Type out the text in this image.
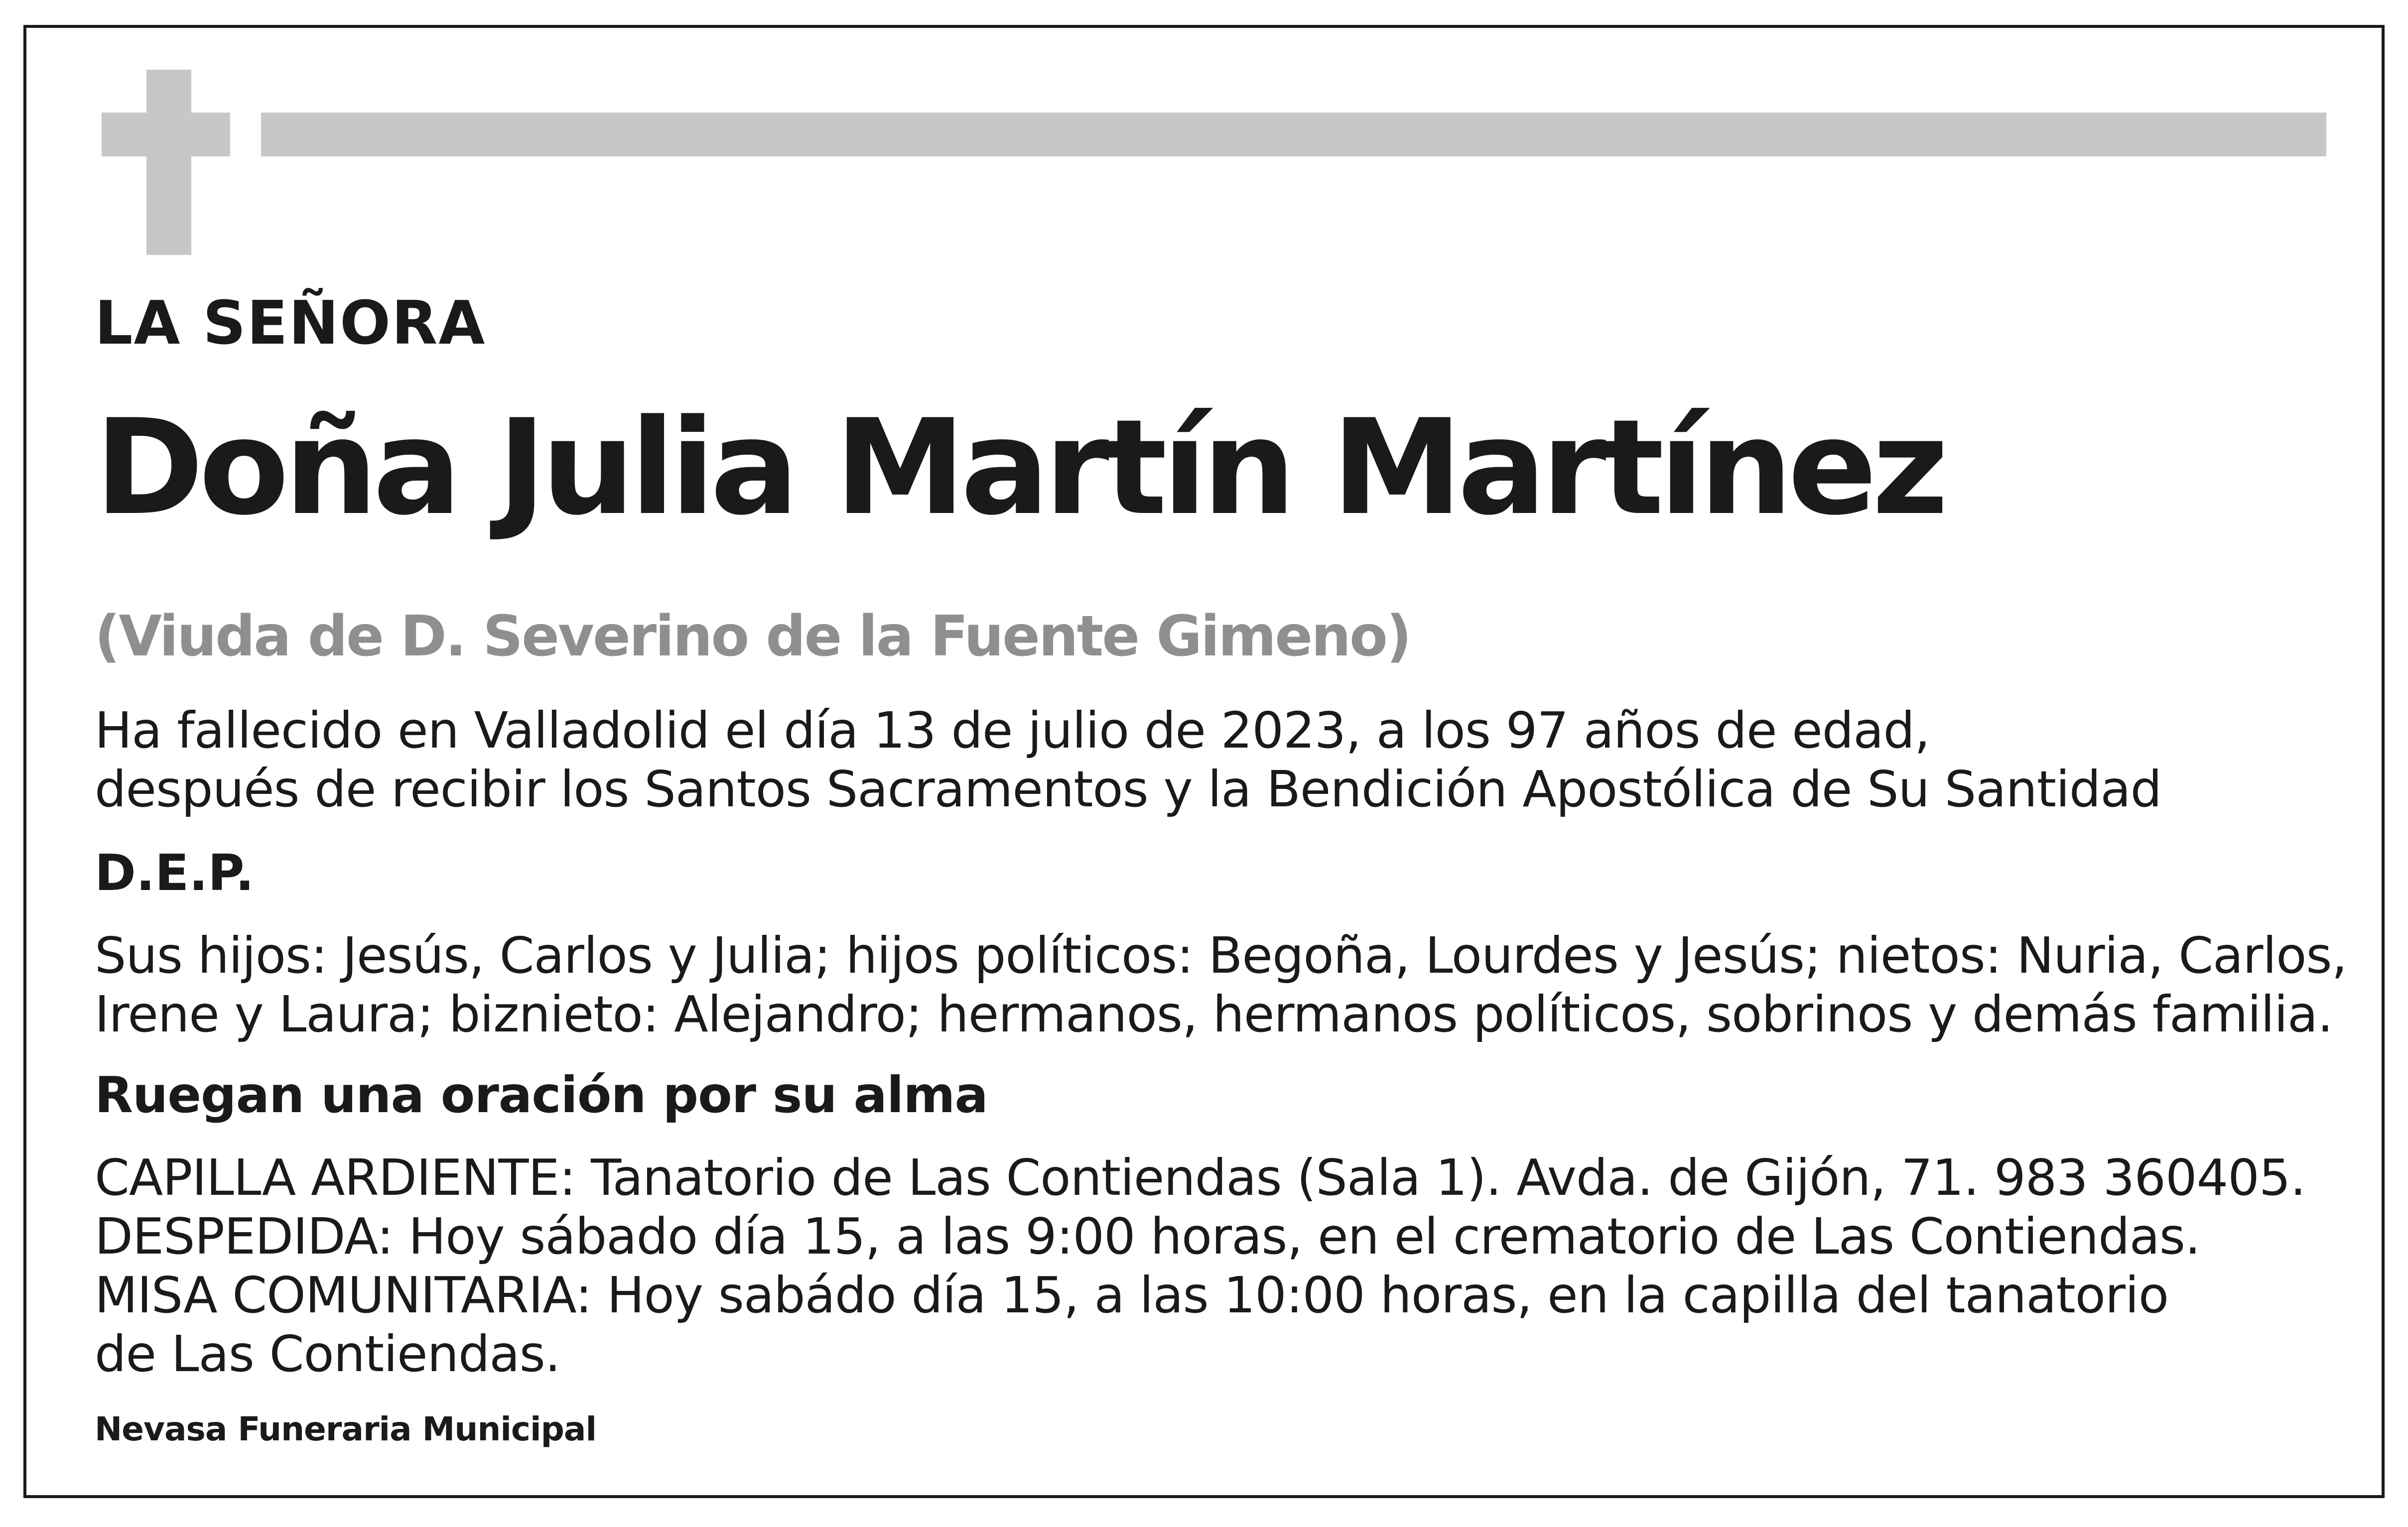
LA SEÑORA
Doña Julia Martín Martínez
(Viuda de D. Severino de la Fuente Gimeno)
Ha fallecido en Valladolid el día 13 de julio de 2023, a los 97 años de edad,
después de recibir los Santos Sacramentos y la Bendición Apostólica de Su Santidad
D.E.P.
Sus hijos: Jesús, Carlos y Julia; hijos políticos: Begoña, Lourdes y Jesús; nietos: Nuria, Carlos,
Irene y Laura; biznieto: Alejandro; hermanos, hermanos políticos, sobrinos y demás familia.
Ruegan una oración por su alma
CAPILLA ARDIENTE: Tanatorio de Las Contiendas (Sala 1). Avda. de Gijón, 71. 983 360405.
DESPEDIDA: Hoy sábado día 15, a las 9:00 horas, en el crematorio de Las Contiendas.
MISA COMUNITARIA: Hoy sabádo día 15, a las 10:00 horas, en la capilla del tanatorio
de Las Contiendas.
Nevasa Funeraria Municipal
